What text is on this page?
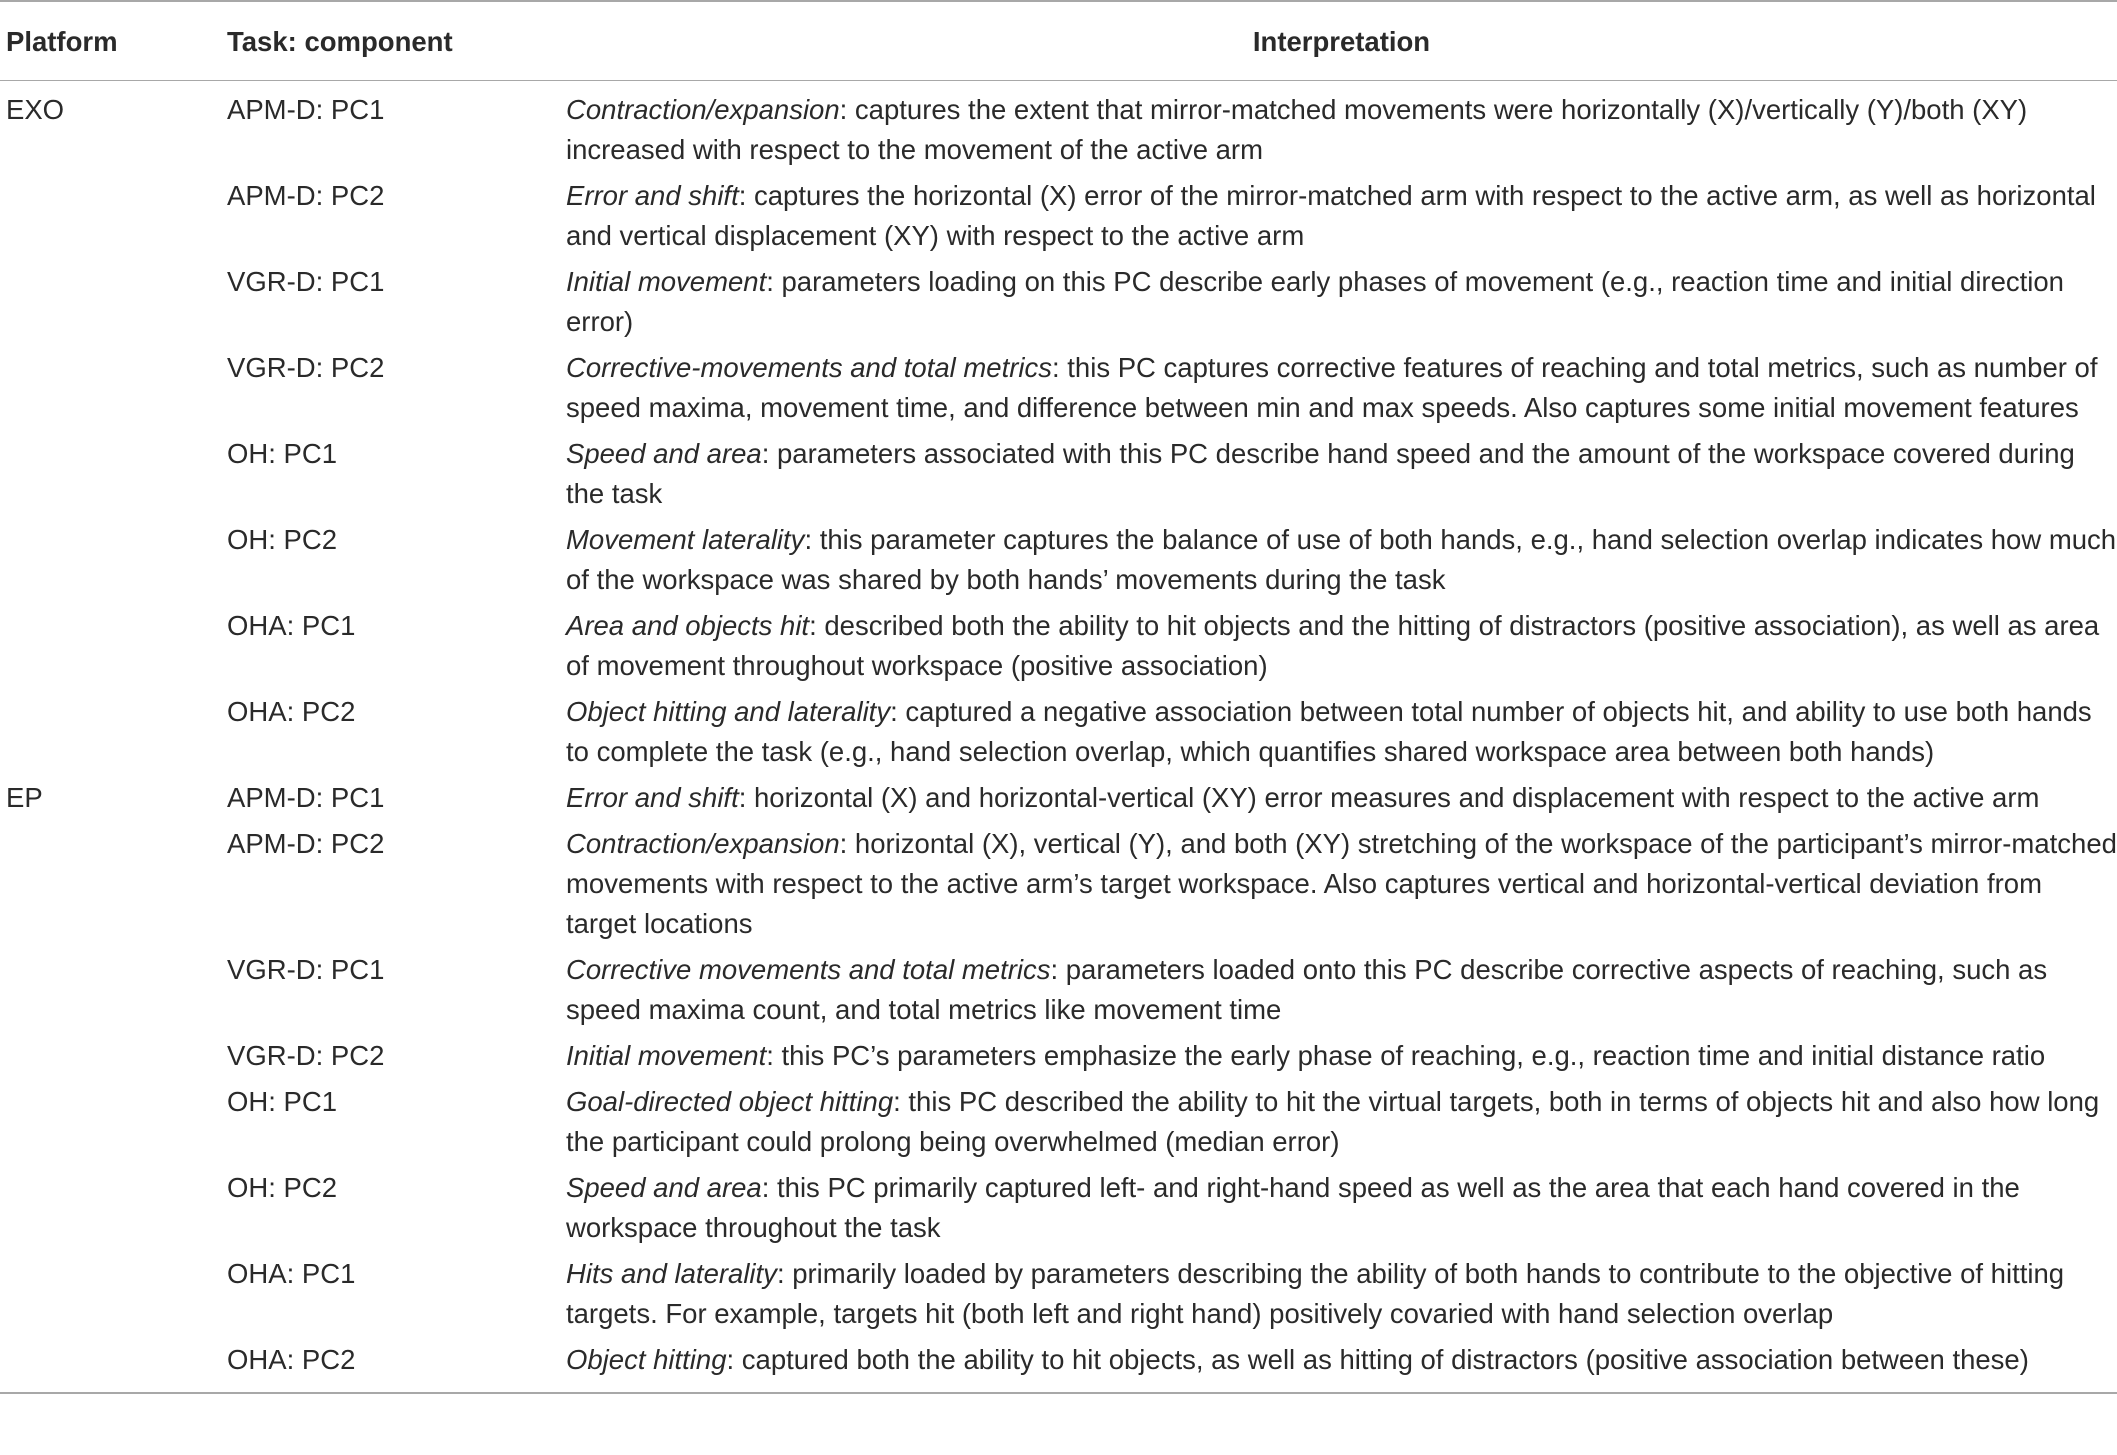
Platform	Task: component	Interpretation
EXO	APM-D: PC1	Contraction/expansion: captures the extent that mirror-matched movements were horizontally (X)/vertically (Y)/both (XY) increased with respect to the movement of the active arm
	APM-D: PC2	Error and shift: captures the horizontal (X) error of the mirror-matched arm with respect to the active arm, as well as horizontal and vertical displacement (XY) with respect to the active arm
	VGR-D: PC1	Initial movement: parameters loading on this PC describe early phases of movement (e.g., reaction time and initial direction error)
	VGR-D: PC2	Corrective-movements and total metrics: this PC captures corrective features of reaching and total metrics, such as number of speed maxima, movement time, and difference between min and max speeds. Also captures some initial movement features
	OH: PC1	Speed and area: parameters associated with this PC describe hand speed and the amount of the workspace covered during the task
	OH: PC2	Movement laterality: this parameter captures the balance of use of both hands, e.g., hand selection overlap indicates how much of the workspace was shared by both hands’ movements during the task
	OHA: PC1	Area and objects hit: described both the ability to hit objects and the hitting of distractors (positive association), as well as area of movement throughout workspace (positive association)
	OHA: PC2	Object hitting and laterality: captured a negative association between total number of objects hit, and ability to use both hands to complete the task (e.g., hand selection overlap, which quantifies shared workspace area between both hands)
EP	APM-D: PC1	Error and shift: horizontal (X) and horizontal-vertical (XY) error measures and displacement with respect to the active arm
	APM-D: PC2	Contraction/expansion: horizontal (X), vertical (Y), and both (XY) stretching of the workspace of the participant’s mirror-matched movements with respect to the active arm’s target workspace. Also captures vertical and horizontal-vertical deviation from target locations
	VGR-D: PC1	Corrective movements and total metrics: parameters loaded onto this PC describe corrective aspects of reaching, such as speed maxima count, and total metrics like movement time
	VGR-D: PC2	Initial movement: this PC’s parameters emphasize the early phase of reaching, e.g., reaction time and initial distance ratio
	OH: PC1	Goal-directed object hitting: this PC described the ability to hit the virtual targets, both in terms of objects hit and also how long the participant could prolong being overwhelmed (median error)
	OH: PC2	Speed and area: this PC primarily captured left- and right-hand speed as well as the area that each hand covered in the workspace throughout the task
	OHA: PC1	Hits and laterality: primarily loaded by parameters describing the ability of both hands to contribute to the objective of hitting targets. For example, targets hit (both left and right hand) positively covaried with hand selection overlap
	OHA: PC2	Object hitting: captured both the ability to hit objects, as well as hitting of distractors (positive association between these)
